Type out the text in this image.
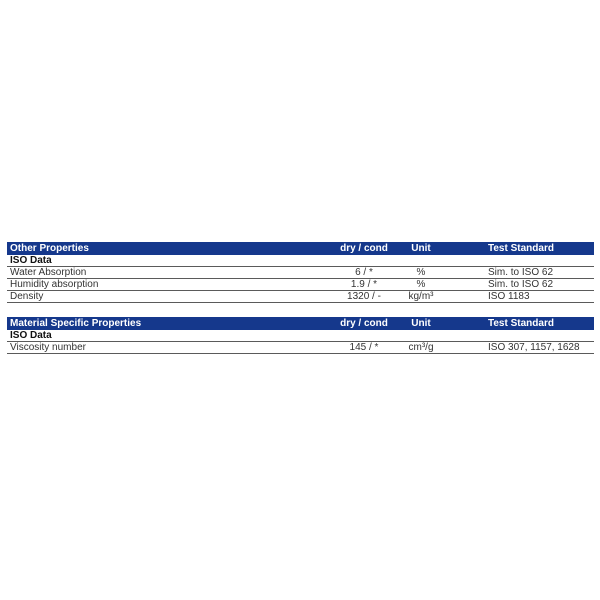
Other Properties	dry / cond	Unit	Test Standard
ISO Data
Water Absorption	6 / *	%	Sim. to ISO 62
Humidity absorption	1.9 / *	%	Sim. to ISO 62
Density	1320 / -	kg/m³	ISO 1183
Material Specific Properties	dry / cond	Unit	Test Standard
ISO Data
Viscosity number	145 / *	cm³/g	ISO 307, 1157, 1628
